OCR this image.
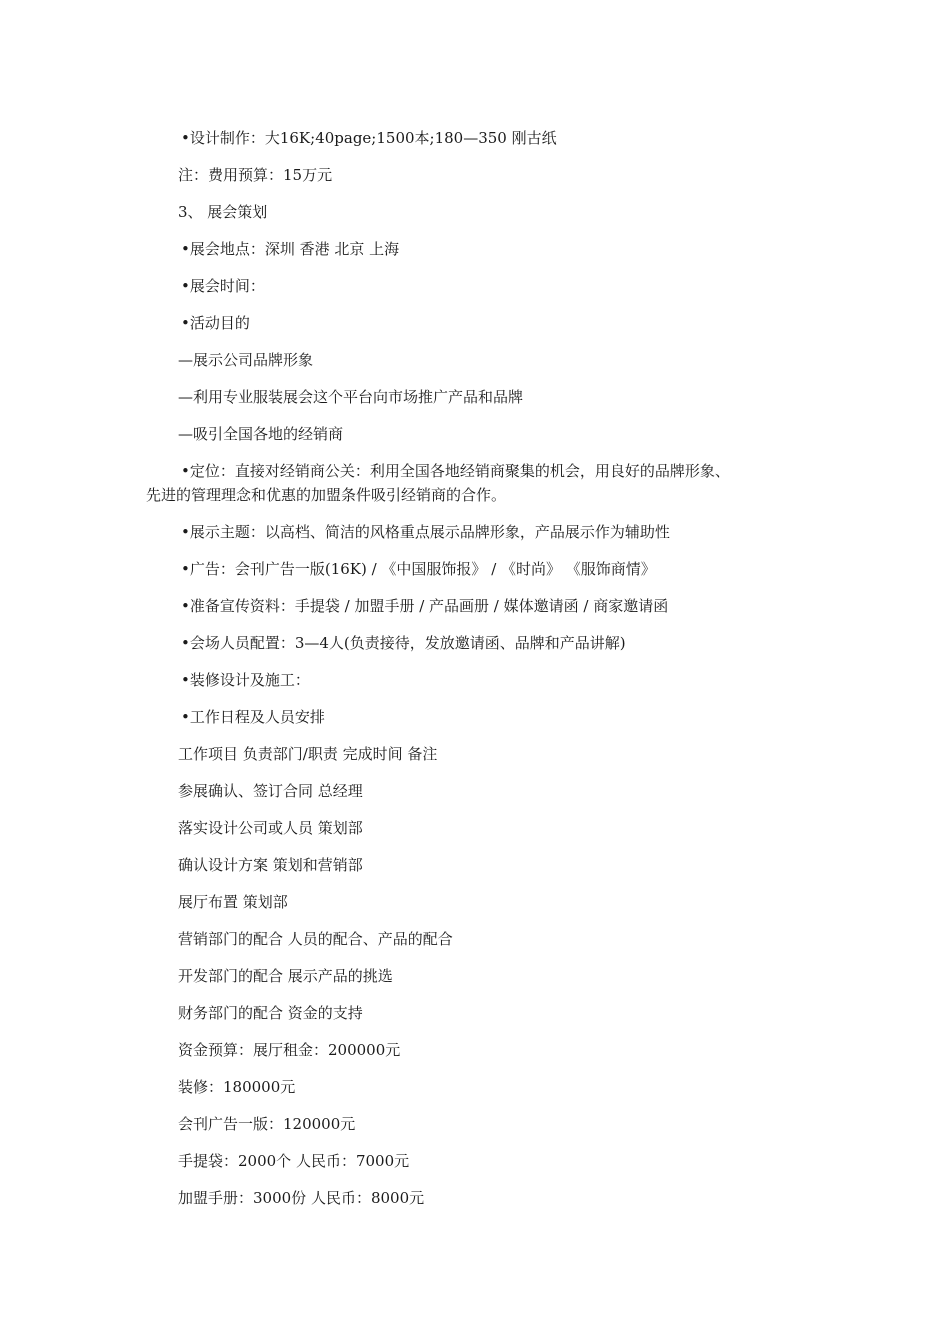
•设计制作：大16K;40page;1500本;180—350 刚古纸
注：费用预算：15万元
3、 展会策划
•展会地点：深圳 香港 北京 上海
•展会时间：
•活动目的
—展示公司品牌形象
—利用专业服装展会这个平台向市场推广产品和品牌
—吸引全国各地的经销商
•定位：直接对经销商公关：利用全国各地经销商聚集的机会，用良好的品牌形象、
先进的管理理念和优惠的加盟条件吸引经销商的合作。
•展示主题：以高档、简洁的风格重点展示品牌形象，产品展示作为辅助性
•广告：会刊广告一版(16K) / 《中国服饰报》 / 《时尚》 《服饰商情》
•准备宣传资料：手提袋 / 加盟手册 / 产品画册 / 媒体邀请函 / 商家邀请函
•会场人员配置：3—4人(负责接待，发放邀请函、品牌和产品讲解)
•装修设计及施工：
•工作日程及人员安排
工作项目 负责部门/职责 完成时间 备注
参展确认、签订合同 总经理
落实设计公司或人员 策划部
确认设计方案 策划和营销部
展厅布置 策划部
营销部门的配合 人员的配合、产品的配合
开发部门的配合 展示产品的挑选
财务部门的配合 资金的支持
资金预算：展厅租金：200000元
装修：180000元
会刊广告一版：120000元
手提袋：2000个 人民币：7000元
加盟手册：3000份 人民币：8000元
